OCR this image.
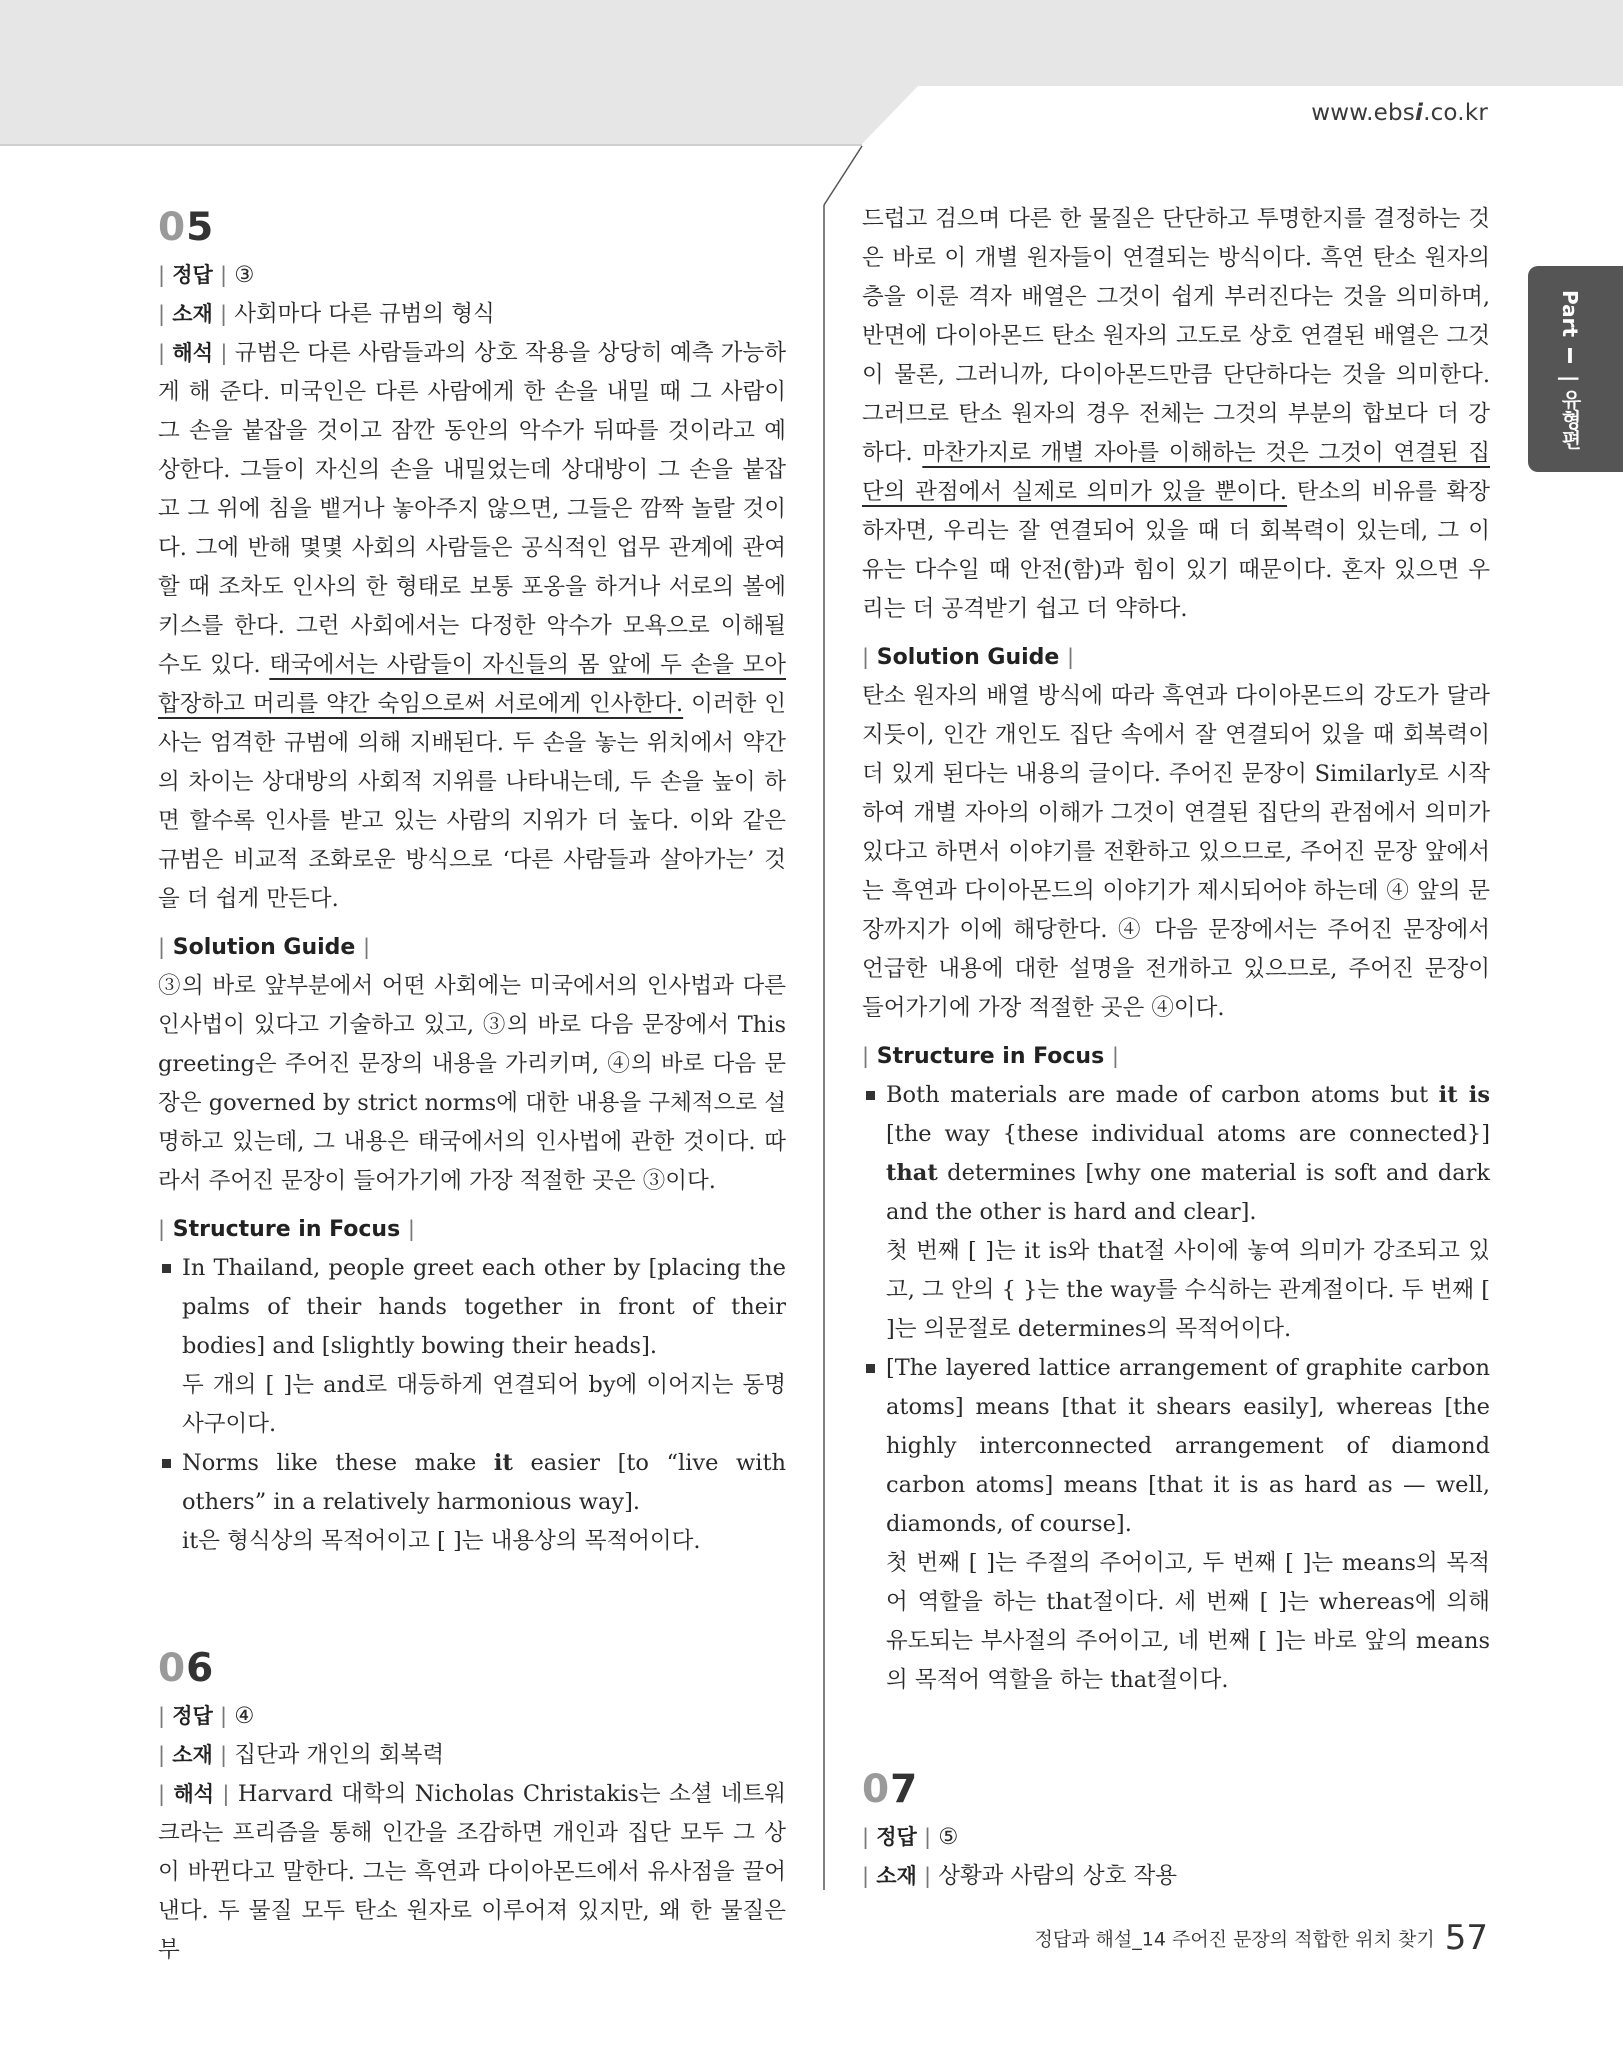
www.ebsi.co.kr
Part Ⅰ | 유형편
05

| 정답 | ③

| 소재 | 사회마다 다른 규범의 형식

| 해석 | 규범은 다른 사람들과의 상호 작용을 상당히 예측 가능하게 해 준다. 미국인은 다른 사람에게 한 손을 내밀 때 그 사람이 그 손을 붙잡을 것이고 잠깐 동안의 악수가 뒤따를 것이라고 예상한다. 그들이 자신의 손을 내밀었는데 상대방이 그 손을 붙잡고 그 위에 침을 뱉거나 놓아주지 않으면, 그들은 깜짝 놀랄 것이다. 그에 반해 몇몇 사회의 사람들은 공식적인 업무 관계에 관여할 때 조차도 인사의 한 형태로 보통 포옹을 하거나 서로의 볼에 키스를 한다. 그런 사회에서는 다정한 악수가 모욕으로 이해될 수도 있다. 태국에서는 사람들이 자신들의 몸 앞에 두 손을 모아 합장하고 머리를 약간 숙임으로써 서로에게 인사한다. 이러한 인사는 엄격한 규범에 의해 지배된다. 두 손을 놓는 위치에서 약간의 차이는 상대방의 사회적 지위를 나타내는데, 두 손을 높이 하면 할수록 인사를 받고 있는 사람의 지위가 더 높다. 이와 같은 규범은 비교적 조화로운 방식으로 ‘다른 사람들과 살아가는’ 것을 더 쉽게 만든다.

| Solution Guide |

③의 바로 앞부분에서 어떤 사회에는 미국에서의 인사법과 다른 인사법이 있다고 기술하고 있고, ③의 바로 다음 문장에서 This greeting은 주어진 문장의 내용을 가리키며, ④의 바로 다음 문장은 governed by strict norms에 대한 내용을 구체적으로 설명하고 있는데, 그 내용은 태국에서의 인사법에 관한 것이다. 따라서 주어진 문장이 들어가기에 가장 적절한 곳은 ③이다.

| Structure in Focus |
In Thailand, people greet each other by [placing the palms of their hands together in front of their bodies] and [slightly bowing their heads].
두 개의 [ ]는 and로 대등하게 연결되어 by에 이어지는 동명사구이다.
Norms like these make it easier [to “live with others” in a relatively harmonious way].
it은 형식상의 목적어이고 [ ]는 내용상의 목적어이다.
06

| 정답 | ④

| 소재 | 집단과 개인의 회복력

| 해석 | Harvard 대학의 Nicholas Christakis는 소셜 네트워크라는 프리즘을 통해 인간을 조감하면 개인과 집단 모두 그 상이 바뀐다고 말한다. 그는 흑연과 다이아몬드에서 유사점을 끌어낸다. 두 물질 모두 탄소 원자로 이루어져 있지만, 왜 한 물질은 부

드럽고 검으며 다른 한 물질은 단단하고 투명한지를 결정하는 것은 바로 이 개별 원자들이 연결되는 방식이다. 흑연 탄소 원자의 층을 이룬 격자 배열은 그것이 쉽게 부러진다는 것을 의미하며, 반면에 다이아몬드 탄소 원자의 고도로 상호 연결된 배열은 그것이 물론, 그러니까, 다이아몬드만큼 단단하다는 것을 의미한다. 그러므로 탄소 원자의 경우 전체는 그것의 부분의 합보다 더 강하다. 마찬가지로 개별 자아를 이해하는 것은 그것이 연결된 집단의 관점에서 실제로 의미가 있을 뿐이다. 탄소의 비유를 확장하자면, 우리는 잘 연결되어 있을 때 더 회복력이 있는데, 그 이유는 다수일 때 안전(함)과 힘이 있기 때문이다. 혼자 있으면 우리는 더 공격받기 쉽고 더 약하다.

| Solution Guide |

탄소 원자의 배열 방식에 따라 흑연과 다이아몬드의 강도가 달라지듯이, 인간 개인도 집단 속에서 잘 연결되어 있을 때 회복력이 더 있게 된다는 내용의 글이다. 주어진 문장이 Similarly로 시작하여 개별 자아의 이해가 그것이 연결된 집단의 관점에서 의미가 있다고 하면서 이야기를 전환하고 있으므로, 주어진 문장 앞에서는 흑연과 다이아몬드의 이야기가 제시되어야 하는데 ④ 앞의 문장까지가 이에 해당한다. ④ 다음 문장에서는 주어진 문장에서 언급한 내용에 대한 설명을 전개하고 있으므로, 주어진 문장이 들어가기에 가장 적절한 곳은 ④이다.

| Structure in Focus |
Both materials are made of carbon atoms but it is [the way {these individual atoms are connected}] that determines [why one material is soft and dark and the other is hard and clear].
첫 번째 [ ]는 it is와 that절 사이에 놓여 의미가 강조되고 있고, 그 안의 { }는 the way를 수식하는 관계절이다. 두 번째 [ ]는 의문절로 determines의 목적어이다.
[The layered lattice arrangement of graphite carbon atoms] means [that it shears easily], whereas [the highly interconnected arrangement of diamond carbon atoms] means [that it is as hard as — well, diamonds, of course].
첫 번째 [ ]는 주절의 주어이고, 두 번째 [ ]는 means의 목적어 역할을 하는 that절이다. 세 번째 [ ]는 whereas에 의해 유도되는 부사절의 주어이고, 네 번째 [ ]는 바로 앞의 means의 목적어 역할을 하는 that절이다.
07

| 정답 | ⑤

| 소재 | 상황과 사람의 상호 작용

정답과 해설_14 주어진 문장의 적합한 위치 찾기 57
